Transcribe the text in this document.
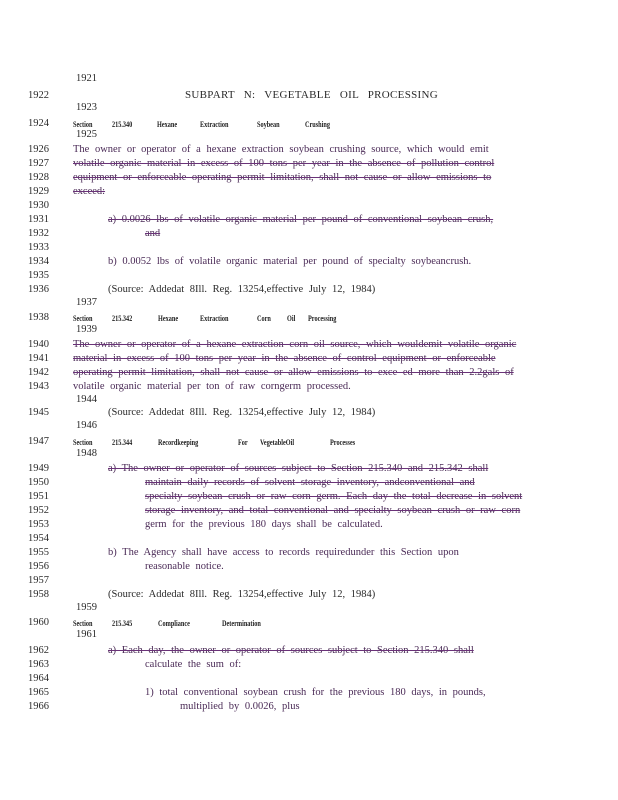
1921
1922	SUBPART N: VEGETABLE OIL PROCESSING
1923
1924	Section 215.340	Hexane	Extraction	Soybean	Crushing
1925
1926 The owner or operator of a hexane extraction soybean crushing source, which would emit
1927 volatile organic material in excess of 100 tons per year in the absence of pollution control
1928 equipment or enforceable operating permit limitation, shall not cause or allow emissions to
1929 exceed:
1930
1931	a) 0.0026 lbs of volatile organic material per pound of conventional soybean crush,
1932	and
1933
1934	b) 0.0052 lbs of volatile organic material per pound of specialty soybeancrush.
1935
1936	(Source: Addedat 8Ill. Reg. 13254,effective July 12, 1984)
1937
1938	Section 215.342	Hexane	Extraction	Corn Oil Processing
1939
1940 The owner or operator of a hexane extraction corn oil source, which wouldemit volatile organic
1941 material in excess of 100 tons per year in the absence of control equipment or enforceable
1942 operating permit limitation, shall not cause or allow emissions to exce ed more than 2.2gals of
1943 volatile organic material per ton of raw corngerm processed.
1944
1945	(Source: Addedat 8Ill. Reg. 13254,effective July 12, 1984)
1946
1947	Section 215.344	Recordkeeping	For VegetableOil	Processes
1948
1949	a) The owner or operator of sources subject to Section 215.340 and 215.342 shall
1950	maintain daily records of solvent storage inventory, andconventional and
1951	specialty soybean crush or raw corn germ. Each day the total decrease in solvent
1952	storage inventory, and total conventional and specialty soybean crush or raw corn
1953	germ for the previous 180 days shall be calculated.
1954
1955	b) The Agency shall have access to records requiredunder this Section upon
1956	reasonable notice.
1957
1958	(Source: Addedat 8Ill. Reg. 13254,effective July 12, 1984)
1959
1960	Section 215.345	Compliance	Determination
1961
1962	a) Each day, the owner or operator of sources subject to Section 215.340 shall
1963	calculate the sum of:
1964
1965	1) total conventional soybean crush for the previous 180 days, in pounds,
1966	multiplied by 0.0026, plus
